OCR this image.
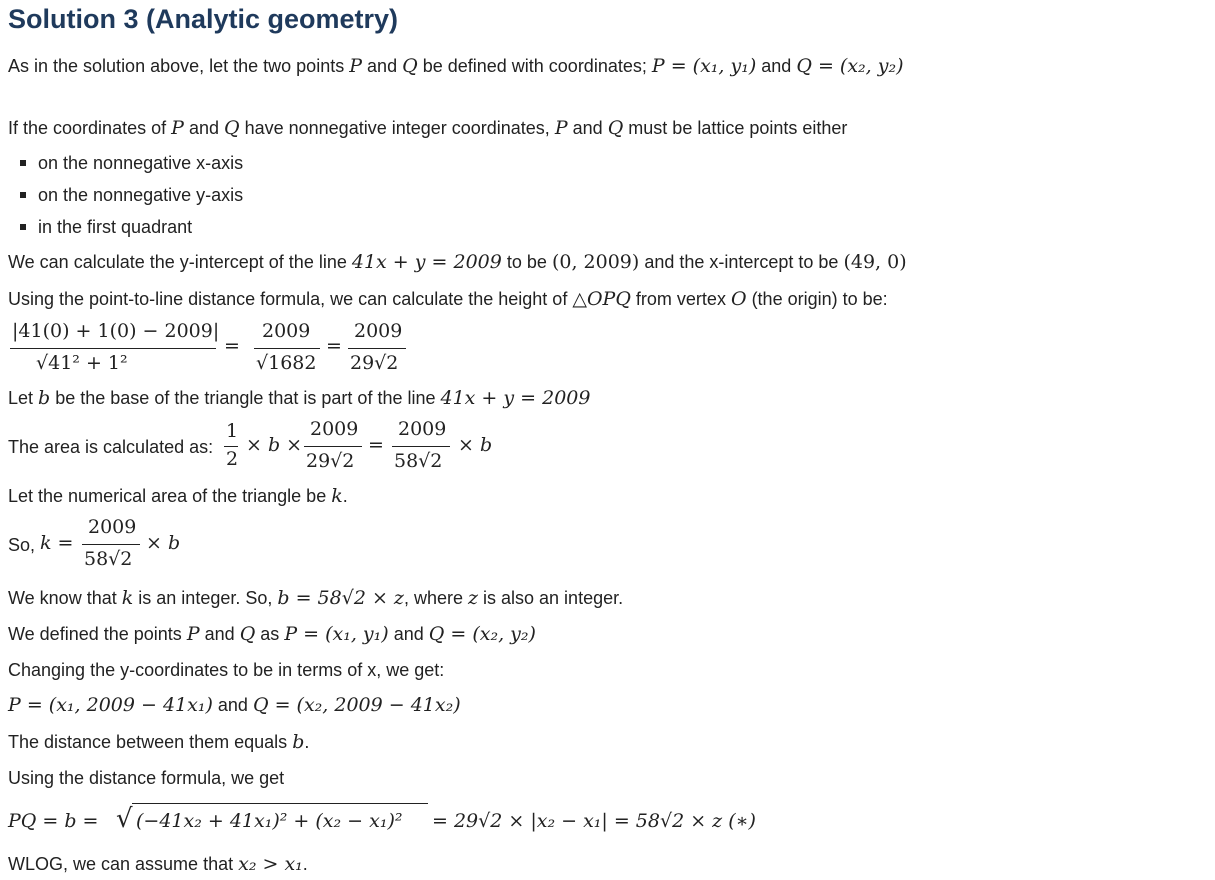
Solution 3 (Analytic geometry)
As in the solution above, let the two points P and Q be defined with coordinates; P = (x₁, y₁) and Q = (x₂, y₂)
If the coordinates of P and Q have nonnegative integer coordinates, P and Q must be lattice points either
on the nonnegative x-axis
on the nonnegative y-axis
in the first quadrant
We can calculate the y-intercept of the line 41x + y = 2009 to be (0, 2009) and the x-intercept to be (49, 0)
Using the point-to-line distance formula, we can calculate the height of △OPQ from vertex O (the origin) to be:
|41(0) + 1(0) − 2009|
√41² + 1²
=
2009
√1682
=
2009
29√2
Let b be the base of the triangle that is part of the line 41x + y = 2009
The area is calculated as:
1
2
× b ×
2009
29√2
=
2009
58√2
× b
Let the numerical area of the triangle be k.
So, k =
2009
58√2
× b
We know that k is an integer. So, b = 58√2 × z, where z is also an integer.
We defined the points P and Q as P = (x₁, y₁) and Q = (x₂, y₂)
Changing the y-coordinates to be in terms of x, we get:
P = (x₁, 2009 − 41x₁) and Q = (x₂, 2009 − 41x₂)
The distance between them equals b.
Using the distance formula, we get
PQ = b = √ (−41x₂ + 41x₁)² + (x₂ − x₁)² = 29√2 × |x₂ − x₁| = 58√2 × z (∗)
WLOG, we can assume that x₂ > x₁.
